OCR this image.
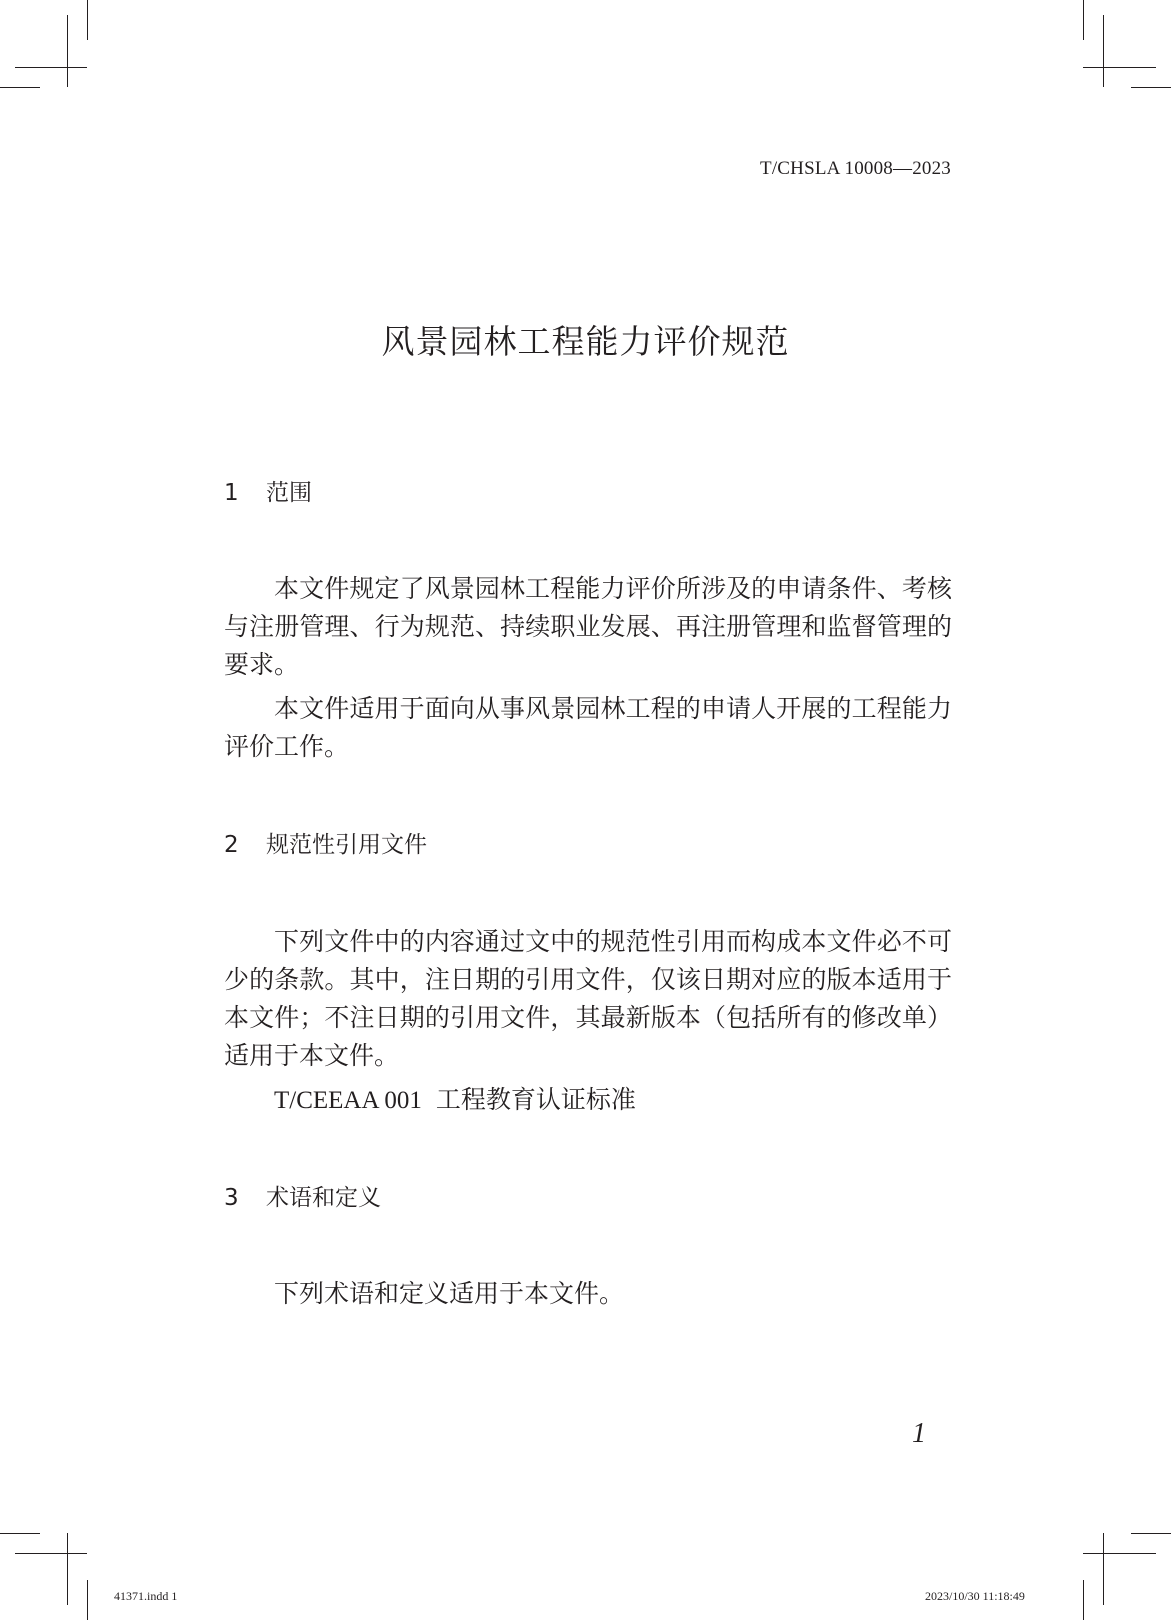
T/CHSLA 10008—2023
风景园林工程能力评价规范
1 范围

本文件规定了风景园林工程能力评价所涉及的申请条件、考核与注册管理、行为规范、持续职业发展、再注册管理和监督管理的要求。

本文件适用于面向从事风景园林工程的申请人开展的工程能力评价工作。

2 规范性引用文件

下列文件中的内容通过文中的规范性引用而构成本文件必不可少的条款。其中，注日期的引用文件，仅该日期对应的版本适用于本文件；不注日期的引用文件，其最新版本（包括所有的修改单）适用于本文件。

T/CEEAA 001 工程教育认证标准
3 术语和定义

下列术语和定义适用于本文件。

1
41371.indd 1	2023/10/30 11:18:49
